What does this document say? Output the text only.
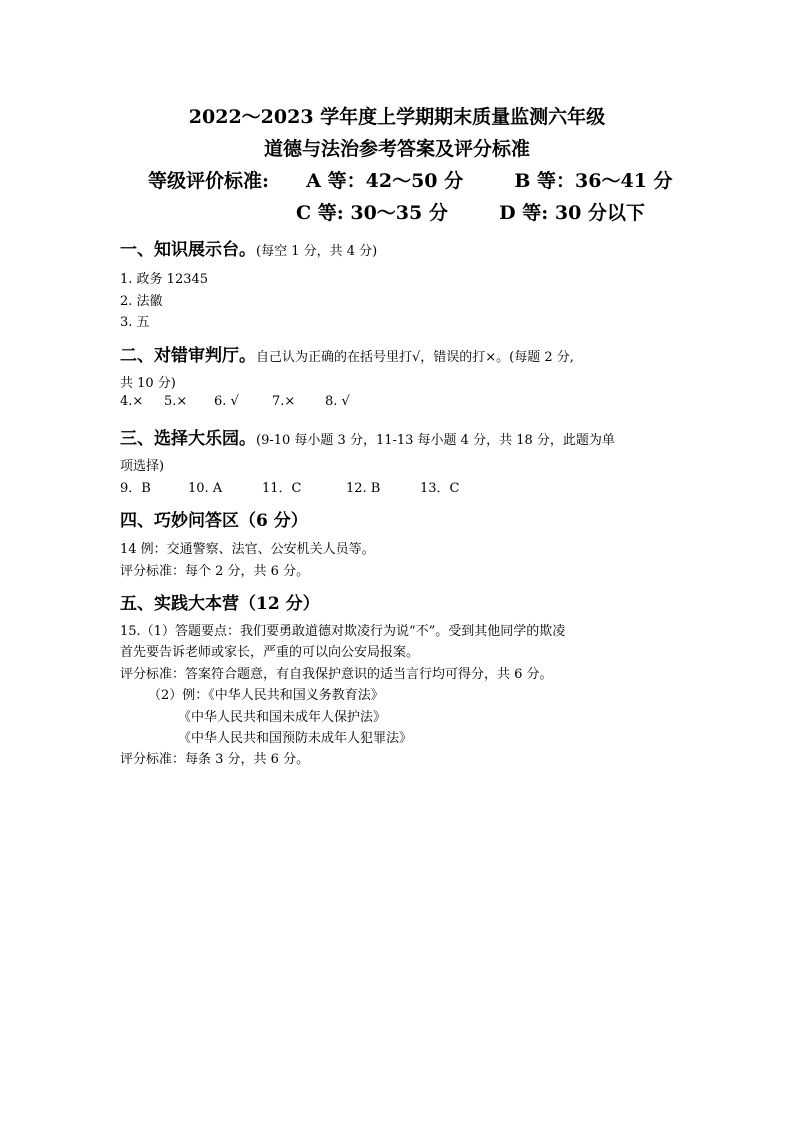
2022～2023 学年度上学期期末质量监测六年级
道德与法治参考答案及评分标准
等级评价标准: A 等：42～50 分	B 等：36～41 分
C 等: 30～35 分	D 等: 30 分以下
一、知识展示台。(每空 1 分，共 4 分)
1. 政务 12345
2. 法徽
3. 五
二、对错审判厅。自己认为正确的在括号里打√，错误的打×。(每题 2 分,
共 10 分)
4.× 5.× 6. √	7.× 8. √
三、选择大乐园。(9-10 每小题 3 分，11-13 每小题 4 分，共 18 分，此题为单
项选择)
9．B	10. A	11．C	12. B	13．C
四、巧妙问答区（6 分）
14 例：交通警察、法官、公安机关人员等。
评分标准：每个 2 分，共 6 分。
五、实践大本营（12 分）
15.（1）答题要点：我们要勇敢道德对欺凌行为说“不”。受到其他同学的欺凌
首先要告诉老师或家长，严重的可以向公安局报案。
评分标准：答案符合题意，有自我保护意识的适当言行均可得分，共 6 分。
（2）例：《中华人民共和国义务教育法》
《中华人民共和国未成年人保护法》
《中华人民共和国预防未成年人犯罪法》
评分标准：每条 3 分，共 6 分。
